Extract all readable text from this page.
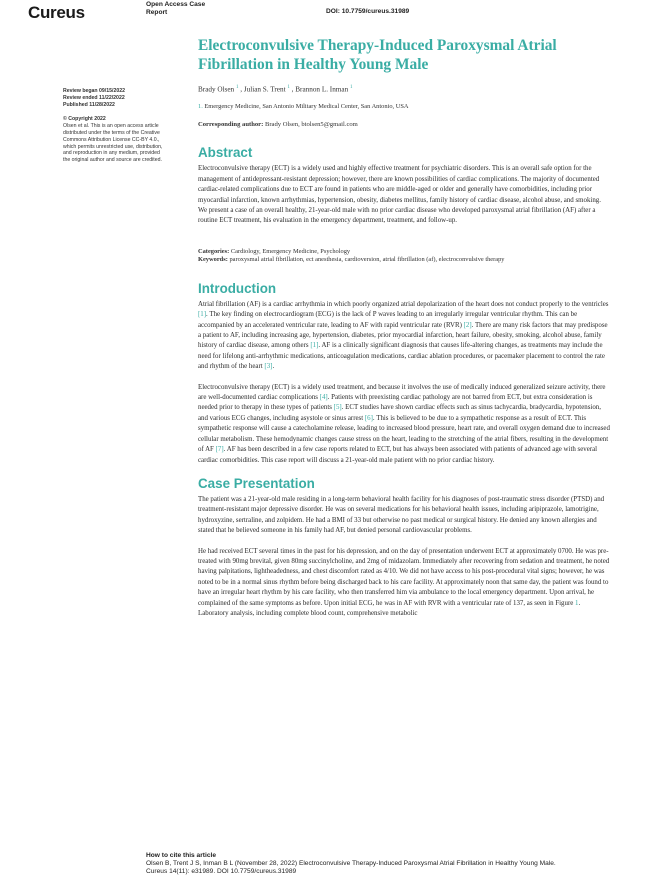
Cureus	Open Access Case
Report	DOI: 10.7759/cureus.31989
Review began 09/15/2022
Review ended 11/22/2022
Published 11/28/2022
© Copyright 2022
Olsen et al. This is an open access article
distributed under the terms of the Creative
Commons Attribution License CC-BY 4.0.,
which permits unrestricted use, distribution,
and reproduction in any medium, provided
the original author and source are credited.
Electroconvulsive Therapy-Induced Paroxysmal Atrial Fibrillation in Healthy Young Male
Brady Olsen $^1$ , Julian S. Trent $^1$ , Brannon L. Inman $^1$
1. Emergency Medicine, San Antonio Military Medical Center, San Antonio, USA
Corresponding author: Brady Olsen, btolsen5@gmail.com
Abstract

Electroconvulsive therapy (ECT) is a widely used and highly effective treatment for psychiatric disorders. This is an overall safe option for the management of antidepressant-resistant depression; however, there are known possibilities of cardiac complications. The majority of documented cardiac-related complications due to ECT are found in patients who are middle-aged or older and generally have comorbidities, including prior myocardial infarction, known arrhythmias, hypertension, obesity, diabetes mellitus, family history of cardiac disease, alcohol abuse, and smoking. We present a case of an overall healthy, 21-year-old male with no prior cardiac disease who developed paroxysmal atrial fibrillation (AF) after a routine ECT treatment, his evaluation in the emergency department, treatment, and follow-up.

Categories: Cardiology, Emergency Medicine, Psychology
Keywords: paroxysmal atrial fibrillation, ect anesthesia, cardioversion, atrial fibrillation (af), electroconvulsive therapy
Introduction

Atrial fibrillation (AF) is a cardiac arrhythmia in which poorly organized atrial depolarization of the heart does not conduct properly to the ventricles [1]. The key finding on electrocardiogram (ECG) is the lack of P waves leading to an irregularly irregular ventricular rhythm. This can be accompanied by an accelerated ventricular rate, leading to AF with rapid ventricular rate (RVR) [2]. There are many risk factors that may predispose a patient to AF, including increasing age, hypertension, diabetes, prior myocardial infarction, heart failure, obesity, smoking, alcohol abuse, family history of cardiac disease, among others [1]. AF is a clinically significant diagnosis that causes life-altering changes, as treatments may include the need for lifelong anti-arrhythmic medications, anticoagulation medications, cardiac ablation procedures, or pacemaker placement to control the rate and rhythm of the heart [3].

Electroconvulsive therapy (ECT) is a widely used treatment, and because it involves the use of medically induced generalized seizure activity, there are well-documented cardiac complications [4]. Patients with preexisting cardiac pathology are not barred from ECT, but extra consideration is needed prior to therapy in these types of patients [5]. ECT studies have shown cardiac effects such as sinus tachycardia, bradycardia, hypotension, and various ECG changes, including asystole or sinus arrest [6]. This is believed to be due to a sympathetic response as a result of ECT. This sympathetic response will cause a catecholamine release, leading to increased blood pressure, heart rate, and overall oxygen demand due to increased cellular metabolism. These hemodynamic changes cause stress on the heart, leading to the stretching of the atrial fibers, resulting in the development of AF [7]. AF has been described in a few case reports related to ECT, but has always been associated with patients of advanced age with several cardiac comorbidities. This case report will discuss a 21-year-old male patient with no prior cardiac history.

Case Presentation

The patient was a 21-year-old male residing in a long-term behavioral health facility for his diagnoses of post-traumatic stress disorder (PTSD) and treatment-resistant major depressive disorder. He was on several medications for his behavioral health issues, including aripiprazole, lamotrigine, hydroxyzine, sertraline, and zolpidem. He had a BMI of 33 but otherwise no past medical or surgical history. He denied any known allergies and stated that he believed someone in his family had AF, but denied personal cardiovascular problems.

He had received ECT several times in the past for his depression, and on the day of presentation underwent ECT at approximately 0700. He was pre-treated with 90mg brevital, given 80mg succinylcholine, and 2mg of midazolam. Immediately after recovering from sedation and treatment, he noted having palpitations, lightheadedness, and chest discomfort rated as 4/10. We did not have access to his post-procedural vital signs; however, he was noted to be in a normal sinus rhythm before being discharged back to his care facility. At approximately noon that same day, the patient was found to have an irregular heart rhythm by his care facility, who then transferred him via ambulance to the local emergency department. Upon arrival, he complained of the same symptoms as before. Upon initial ECG, he was in AF with RVR with a ventricular rate of 137, as seen in Figure 1. Laboratory analysis, including complete blood count, comprehensive metabolic

How to cite this article
Olsen B, Trent J S, Inman B L (November 28, 2022) Electroconvulsive Therapy-Induced Paroxysmal Atrial Fibrillation in Healthy Young Male.
Cureus 14(11): e31989. DOI 10.7759/cureus.31989
